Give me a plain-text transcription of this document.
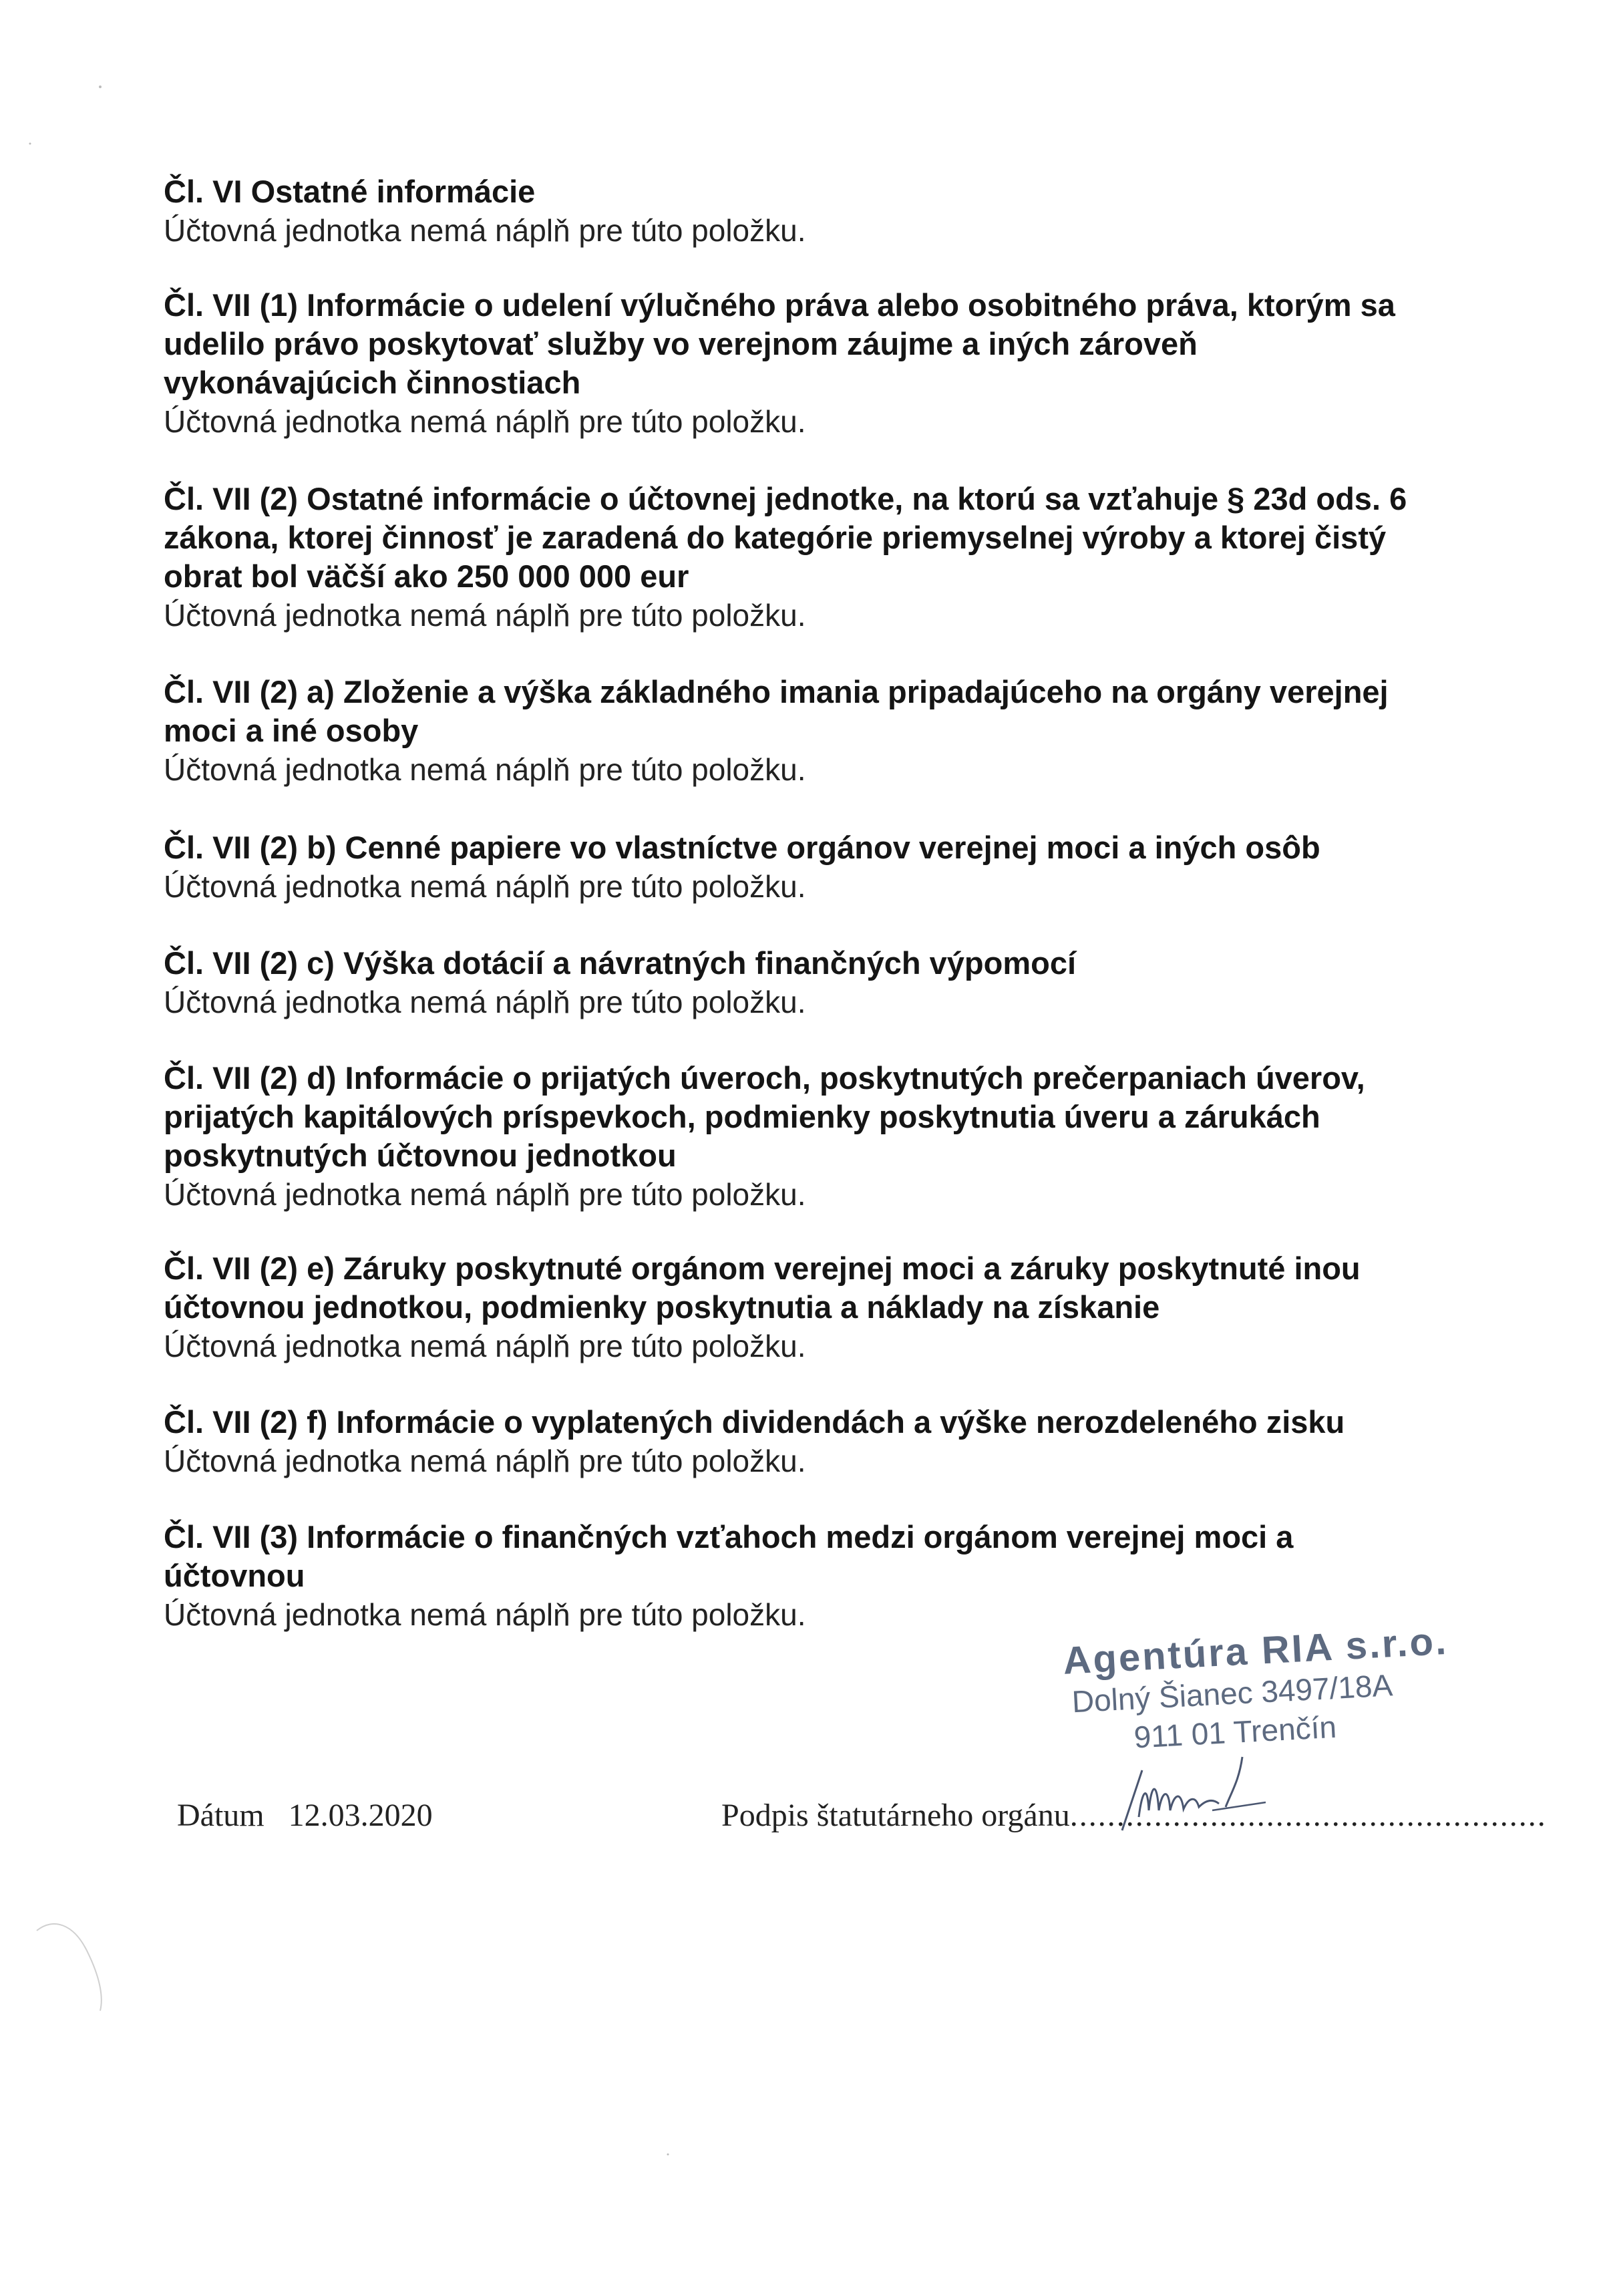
Čl. VI Ostatné informácie

Účtovná jednotka nemá náplň pre túto položku.

Čl. VII (1) Informácie o udelení výlučného práva alebo osobitného práva, ktorým sa udelilo právo poskytovať služby vo verejnom záujme a iných zároveň vykonávajúcich činnostiach

Účtovná jednotka nemá náplň pre túto položku.

Čl. VII (2) Ostatné informácie o účtovnej jednotke, na ktorú sa vzťahuje § 23d ods. 6 zákona, ktorej činnosť je zaradená do kategórie priemyselnej výroby a ktorej čistý obrat bol väčší ako 250 000 000 eur

Účtovná jednotka nemá náplň pre túto položku.

Čl. VII (2) a) Zloženie a výška základného imania pripadajúceho na orgány verejnej moci a iné osoby

Účtovná jednotka nemá náplň pre túto položku.

Čl. VII (2) b) Cenné papiere vo vlastníctve orgánov verejnej moci a iných osôb

Účtovná jednotka nemá náplň pre túto položku.

Čl. VII (2) c) Výška dotácií a návratných finančných výpomocí

Účtovná jednotka nemá náplň pre túto položku.

Čl. VII (2) d) Informácie o prijatých úveroch, poskytnutých prečerpaniach úverov, prijatých kapitálových príspevkoch, podmienky poskytnutia úveru a zárukách poskytnutých účtovnou jednotkou

Účtovná jednotka nemá náplň pre túto položku.

Čl. VII (2) e) Záruky poskytnuté orgánom verejnej moci a záruky poskytnuté inou účtovnou jednotkou, podmienky poskytnutia a náklady na získanie

Účtovná jednotka nemá náplň pre túto položku.

Čl. VII (2) f) Informácie o vyplatených dividendách a výške nerozdeleného zisku

Účtovná jednotka nemá náplň pre túto položku.

Čl. VII (3) Informácie o finančných vzťahoch medzi orgánom verejnej moci a účtovnou

Účtovná jednotka nemá náplň pre túto položku.

Agentúra RIA s.r.o.
Dolný Šianec 3497/18A
911 01 Trenčín
Dátum 12.03.2020	Podpis štatutárneho orgánu...................................................
